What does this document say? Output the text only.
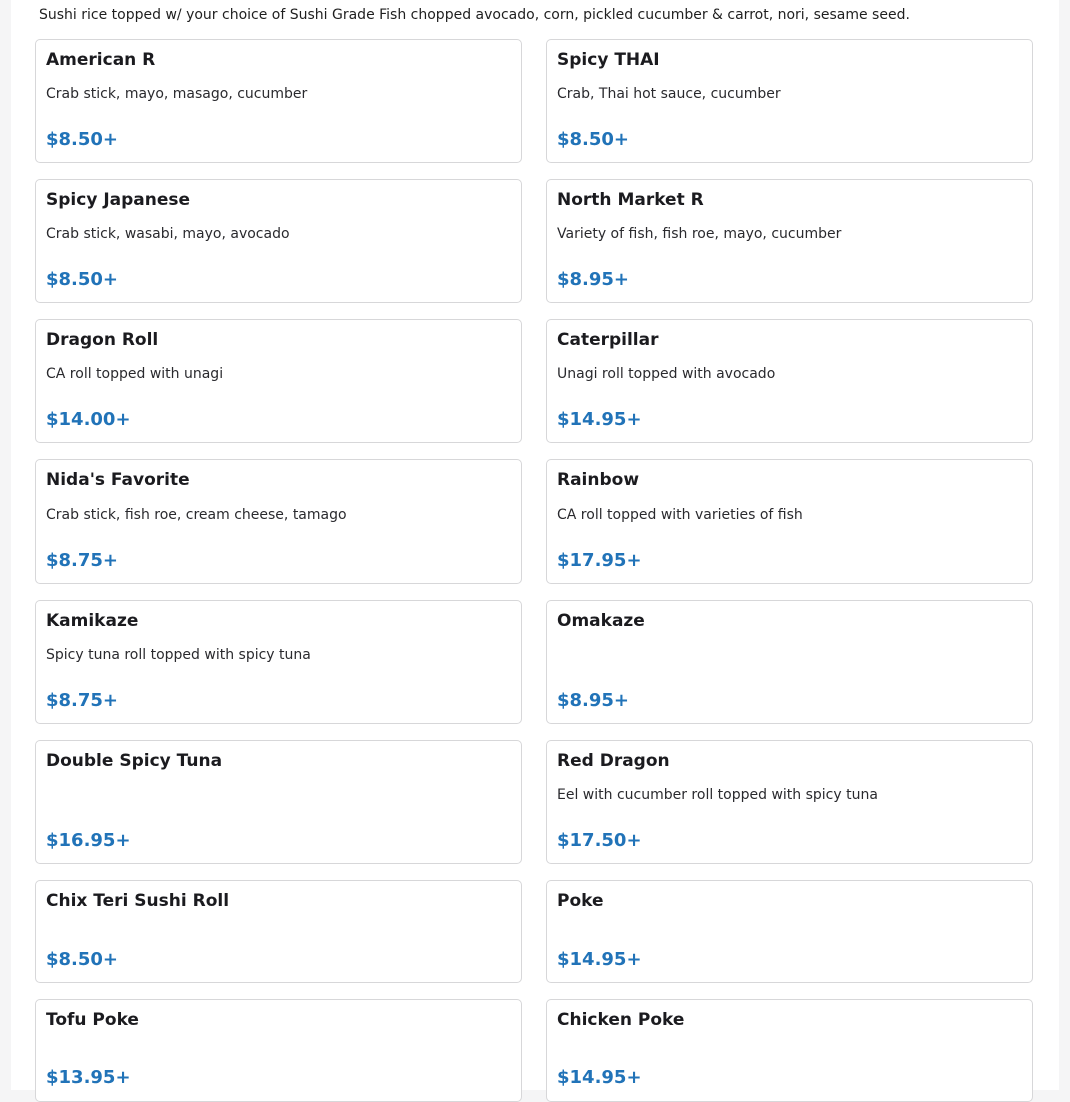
Sushi rice topped w/ your choice of Sushi Grade Fish chopped avocado, corn, pickled cucumber & carrot, nori, sesame seed.
American R
Crab stick, mayo, masago, cucumber
$8.50+
Spicy THAI
Crab, Thai hot sauce, cucumber
$8.50+
Spicy Japanese
Crab stick, wasabi, mayo, avocado
$8.50+
North Market R
Variety of fish, fish roe, mayo, cucumber
$8.95+
Dragon Roll
CA roll topped with unagi
$14.00+
Caterpillar
Unagi roll topped with avocado
$14.95+
Nida's Favorite
Crab stick, fish roe, cream cheese, tamago
$8.75+
Rainbow
CA roll topped with varieties of fish
$17.95+
Kamikaze
Spicy tuna roll topped with spicy tuna
$8.75+
Omakaze
$8.95+
Double Spicy Tuna
$16.95+
Red Dragon
Eel with cucumber roll topped with spicy tuna
$17.50+
Chix Teri Sushi Roll
$8.50+
Poke
$14.95+
Tofu Poke
$13.95+
Chicken Poke
$14.95+
